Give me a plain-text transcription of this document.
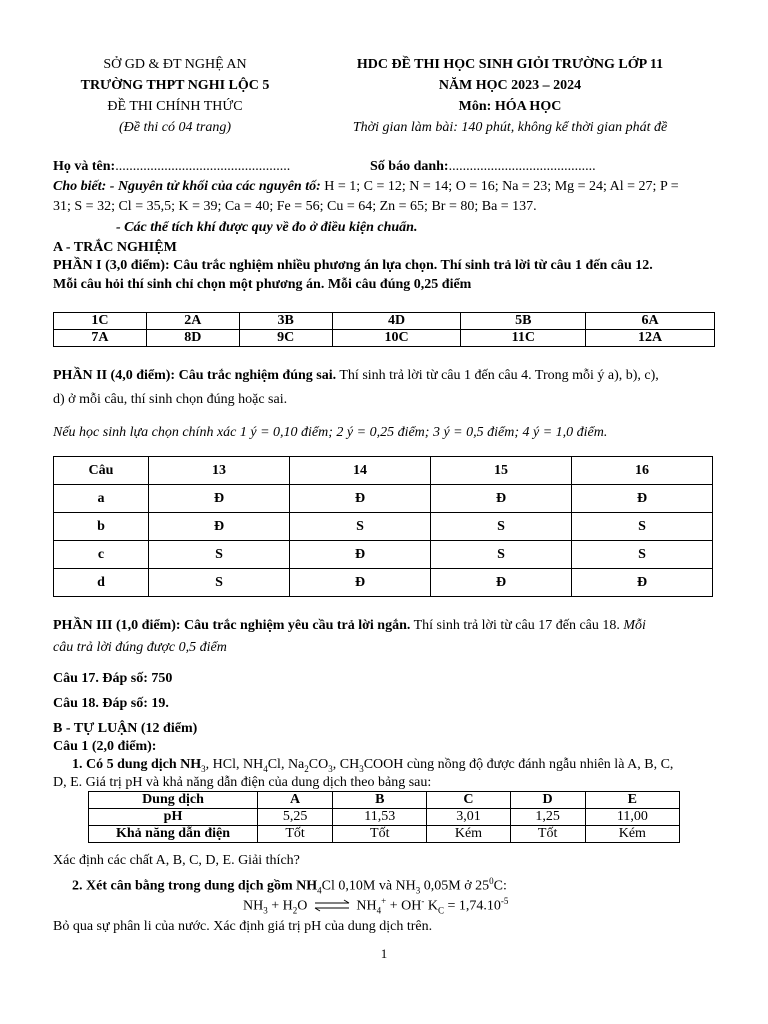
SỞ GD & ĐT NGHỆ AN
TRƯỜNG THPT NGHI LỘC 5
ĐỀ THI CHÍNH THỨC
(Đề thi có 04 trang)
HDC ĐỀ THI HỌC SINH GIỎI TRƯỜNG LỚP 11
NĂM HỌC 2023 – 2024
Môn: HÓA HỌC
Thời gian làm bài: 140 phút, không kể thời gian phát đề
Họ và tên:..................................................	Số báo danh:..........................................
Cho biết: - Nguyên tử khối của các nguyên tố: H = 1; C = 12; N = 14; O = 16; Na = 23; Mg = 24; Al = 27; P =
31; S = 32; Cl = 35,5; K = 39; Ca = 40; Fe = 56; Cu = 64; Zn = 65; Br = 80; Ba = 137.
- Các thể tích khí được quy về đo ở điều kiện chuẩn.
A - TRẮC NGHIỆM
PHẦN I (3,0 điểm): Câu trắc nghiệm nhiều phương án lựa chọn. Thí sinh trả lời từ câu 1 đến câu 12.
Mỗi câu hỏi thí sinh chỉ chọn một phương án. Mỗi câu đúng 0,25 điểm
1C	2A	3B	4D	5B	6A
7A	8D	9C	10C	11C	12A
PHẦN II (4,0 điểm): Câu trắc nghiệm đúng sai. Thí sinh trả lời từ câu 1 đến câu 4. Trong mỗi ý a), b), c),
d) ở mỗi câu, thí sinh chọn đúng hoặc sai.
Nếu học sinh lựa chọn chính xác 1 ý = 0,10 điểm; 2 ý = 0,25 điểm; 3 ý = 0,5 điểm; 4 ý = 1,0 điểm.
Câu	13	14	15	16
a	Đ	Đ	Đ	Đ
b	Đ	S	S	S
c	S	Đ	S	S
d	S	Đ	Đ	Đ
PHẦN III (1,0 điểm): Câu trắc nghiệm yêu cầu trả lời ngắn. Thí sinh trả lời từ câu 17 đến câu 18. Mỗi
câu trả lời đúng được 0,5 điểm
Câu 17. Đáp số: 750
Câu 18. Đáp số: 19.
B - TỰ LUẬN (12 điểm)
Câu 1 (2,0 điểm):
1. Có 5 dung dịch $NH_3$, HCl, $NH_4Cl$, $Na_2CO_3$, $CH_3COOH$ cùng nồng độ được đánh ngẫu nhiên là A, B, C,
D, E. Giá trị pH và khả năng dẫn điện của dung dịch theo bảng sau:
Dung dịch	A	B	C	D	E
pH	5,25	11,53	3,01	1,25	11,00
Khả năng dẫn điện	Tốt	Tốt	Kém	Tốt	Kém
Xác định các chất A, B, C, D, E. Giải thích?
2. Xét cân bằng trong dung dịch gồm $NH_4Cl$ 0,10M và $NH_3$ 0,05M ở $25^0C$:
$NH_3 + H_2O$ ⇌ $NH_4^+ + OH^-$ $K_C = 1,74.10^{-5}$
Bỏ qua sự phân li của nước. Xác định giá trị pH của dung dịch trên.
1
